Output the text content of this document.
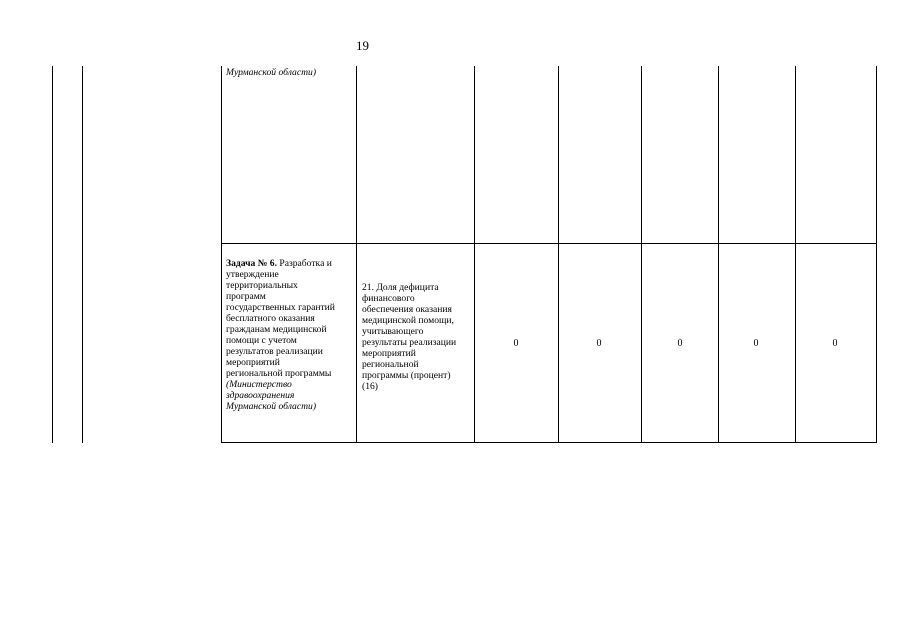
19
Мурманской области)
Задача № 6. Разработка и
утверждение
территориальных
программ
государственных гарантий
бесплатного оказания
гражданам медицинской
помощи с учетом
результатов реализации
мероприятий
региональной программы
(Министерство
здравоохранения
Мурманской области)
21. Доля дефицита
финансового
обеспечения оказания
медицинской помощи,
учитывающего
результаты реализации
мероприятий
региональной
программы (процент)
(16)
0	0	0	0	0
